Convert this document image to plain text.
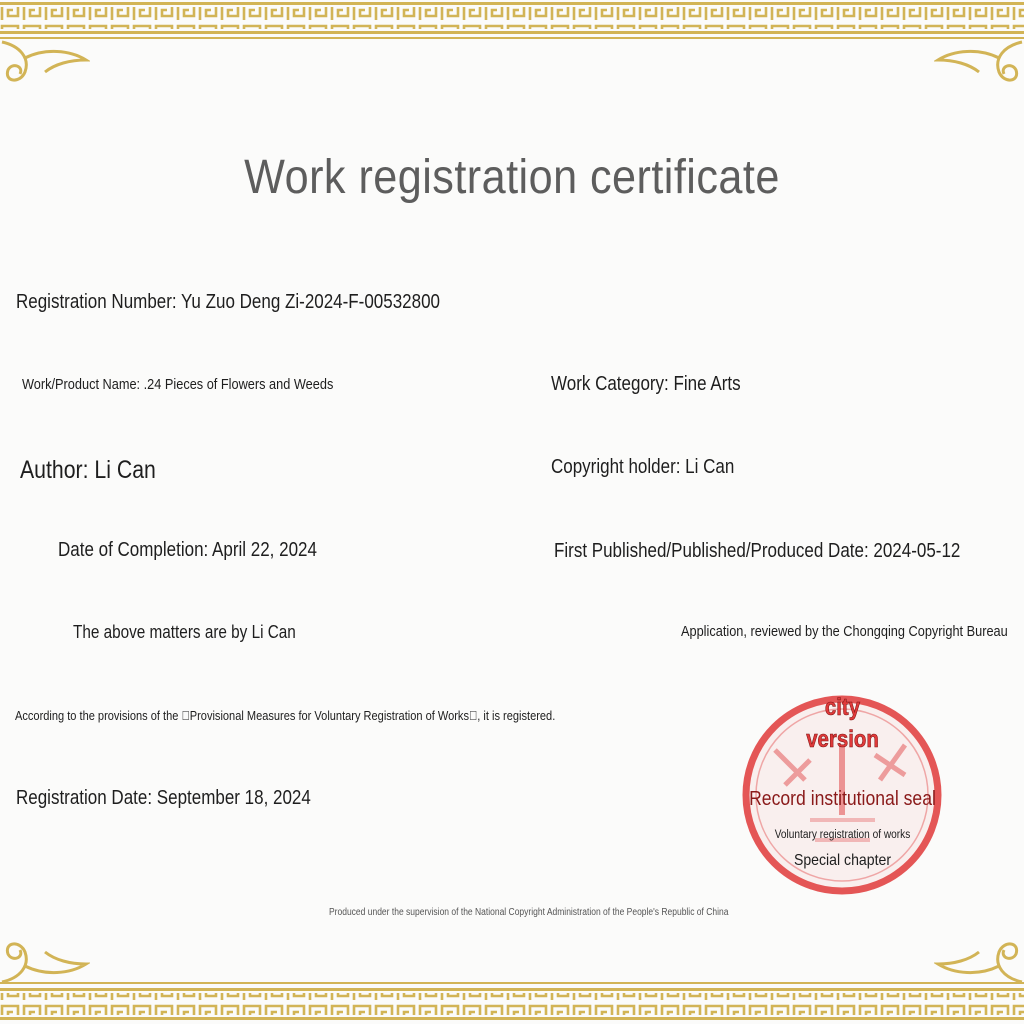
Work registration certificate
Registration Number: Yu Zuo Deng Zi-2024-F-00532800
Work/Product Name: .24 Pieces of Flowers and Weeds	Work Category: Fine Arts
Author: Li Can	Copyright holder: Li Can
Date of Completion: April 22, 2024	First Published/Published/Produced Date: 2024-05-12
The above matters are by Li Can	Application, reviewed by the Chongqing Copyright Bureau
According to the provisions of the  Provisional Measures for Voluntary Registration of Works , it is registered.
Registration Date: September 18, 2024
Produced under the supervision of the National Copyright Administration of the People's Republic of China
city
version
Record institutional seal
Voluntary registration of works
Special chapter
